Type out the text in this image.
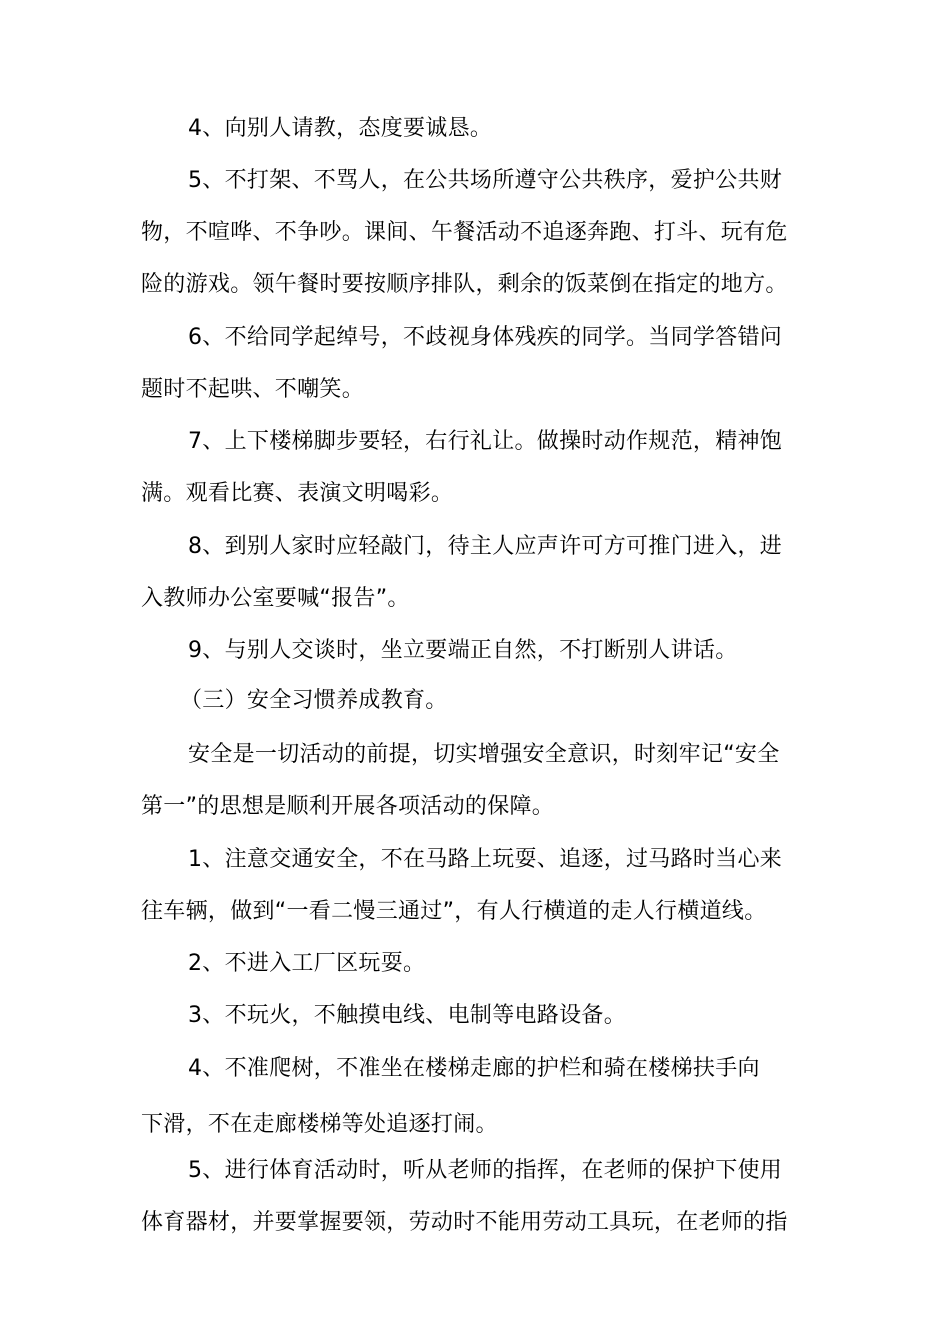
4、向别人请教，态度要诚恳。

5、不打架、不骂人，在公共场所遵守公共秩序，爱护公共财

物，不喧哗、不争吵。课间、午餐活动不追逐奔跑、打斗、玩有危

险的游戏。领午餐时要按顺序排队，剩余的饭菜倒在指定的地方。

6、不给同学起绰号，不歧视身体残疾的同学。当同学答错问

题时不起哄、不嘲笑。

7、上下楼梯脚步要轻，右行礼让。做操时动作规范，精神饱

满。观看比赛、表演文明喝彩。

8、到别人家时应轻敲门，待主人应声许可方可推门进入，进

入教师办公室要喊“报告”。

9、与别人交谈时，坐立要端正自然，不打断别人讲话。

（三）安全习惯养成教育。

安全是一切活动的前提，切实增强安全意识，时刻牢记“安全

第一”的思想是顺利开展各项活动的保障。

1、注意交通安全，不在马路上玩耍、追逐，过马路时当心来

往车辆，做到“一看二慢三通过”，有人行横道的走人行横道线。

2、不进入工厂区玩耍。

3、不玩火，不触摸电线、电制等电路设备。

4、不准爬树，不准坐在楼梯走廊的护栏和骑在楼梯扶手向

下滑，不在走廊楼梯等处追逐打闹。

5、进行体育活动时，听从老师的指挥，在老师的保护下使用

体育器材，并要掌握要领，劳动时不能用劳动工具玩，在老师的指
